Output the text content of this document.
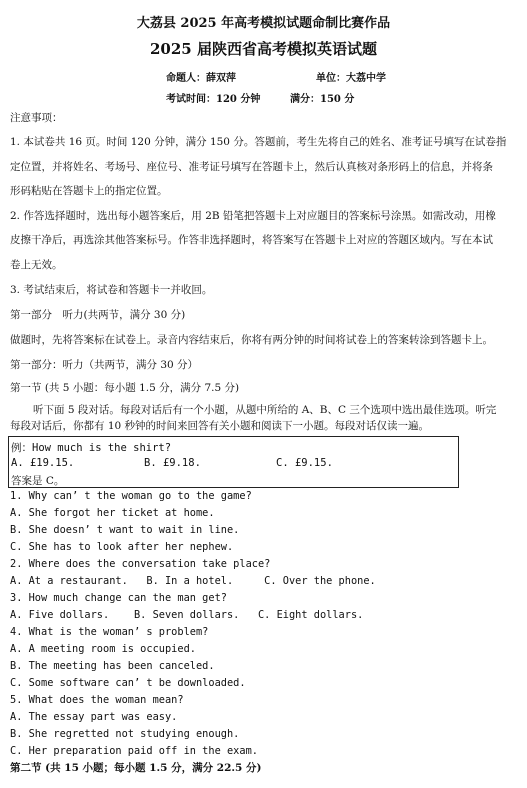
大荔县 2025 年高考模拟试题命制比赛作品
2025 届陕西省高考模拟英语试题
命题人：薛双萍	单位：大荔中学
考试时间：120 分钟	满分：150 分
注意事项：
1. 本试卷共 16 页。时间 120 分钟，满分 150 分。答题前，考生先将自己的姓名、准考证号填写在试卷指
定位置，并将姓名、考场号、座位号、准考证号填写在答题卡上，然后认真核对条形码上的信息，并将条
形码粘贴在答题卡上的指定位置。
2. 作答选择题时，选出每小题答案后，用 2B 铅笔把答题卡上对应题目的答案标号涂黑。如需改动，用橡
皮擦干净后，再选涂其他答案标号。作答非选择题时，将答案写在答题卡上对应的答题区域内。写在本试
卷上无效。
3. 考试结束后，将试卷和答题卡一并收回。
第一部分　听力(共两节，满分 30 分)
做题时，先将答案标在试卷上。录音内容结束后，你将有两分钟的时间将试卷上的答案转涂到答题卡上。
第一部分：听力（共两节，满分 30 分）
第一节 (共 5 小题：每小题 1.5 分，满分 7.5 分)
听下面 5 段对话。每段对话后有一个小题，从题中所给的 A、B、C 三个选项中选出最佳选项。听完
每段对话后，你都有 10 秒钟的时间来回答有关小题和阅读下一小题。每段对话仅读一遍。
例：How much is the shirt?
A. £19.15.	B. £9.18.	C. £9.15.
答案是 C。
1. Why can’ t the woman go to the game?
A. She forgot her ticket at home.
B. She doesn’ t want to wait in line.
C. She has to look after her nephew.
2. Where does the conversation take place?
A. At a restaurant.   B. In a hotel.     C. Over the phone.
3. How much change can the man get?
A. Five dollars.    B. Seven dollars.   C. Eight dollars.
4. What is the woman’ s problem?
A. A meeting room is occupied.
B. The meeting has been canceled.
C. Some software can’ t be downloaded.
5. What does the woman mean?
A. The essay part was easy.
B. She regretted not studying enough.
C. Her preparation paid off in the exam.
第二节 (共 15 小题；每小题 1.5 分，满分 22.5 分)
